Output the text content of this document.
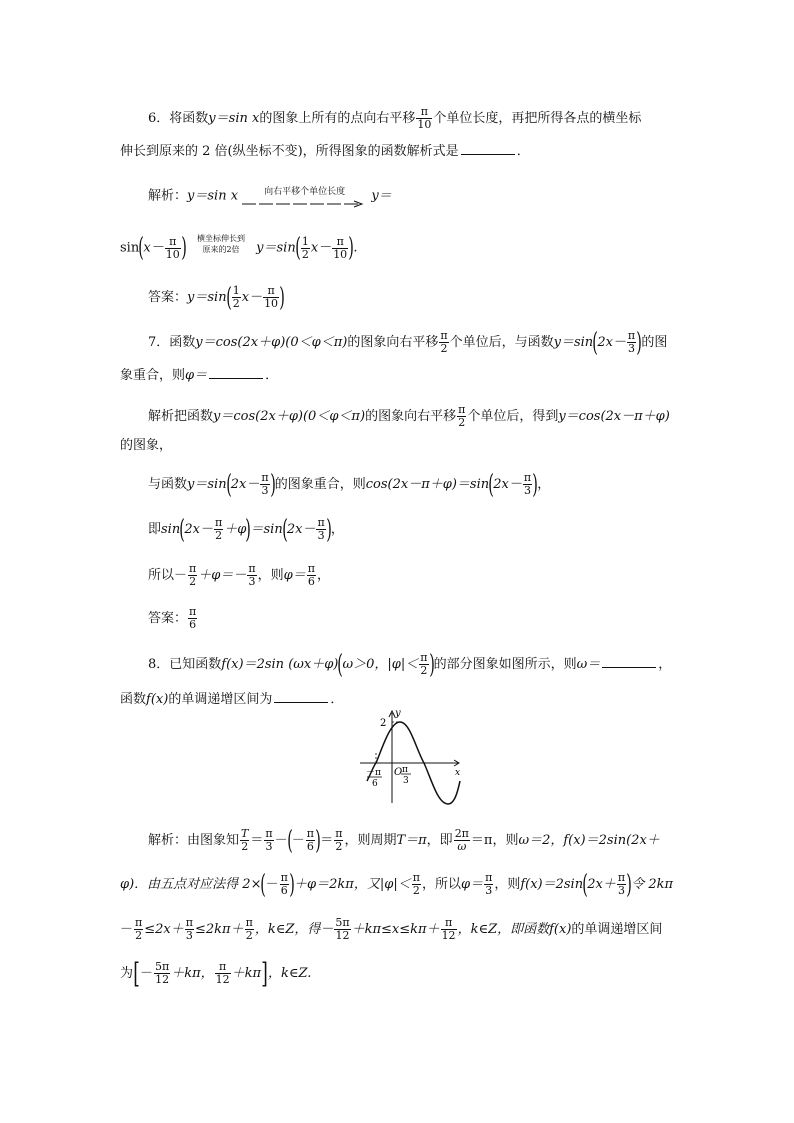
6．将函数y＝sin x的图象上所有的点向右平移 $\frac{\pi}{10}$ 个单位长度，再把所得各点的横坐标
伸长到原来的 2 倍(纵坐标不变)，所得图象的函数解析式是	．
解析：y＝sin x	向右平移个单位长度	y＝
$\sin(x- \frac{\pi}{10}$ )	横坐标伸长到
原来的2倍	$y=\sin( \frac{1}{2} x- \frac{\pi}{10}$ ).
答案：$y=\sin( \frac{1}{2} x- \frac{\pi}{10}$ )
7．函数y＝cos(2x＋φ)(0＜φ＜π)的图象向右平移 $\frac{\pi}{2}$ 个单位后，与函数$y=\sin(2x- \frac{\pi}{3}$ )的图
象重合，则φ＝	．
解析把函数y＝cos(2x＋φ)(0＜φ＜π)的图象向右平移 $\frac{\pi}{2}$ 个单位后，得到y＝cos(2x－π＋φ)
的图象，
与函数$y=\sin(2x- \frac{\pi}{3}$ )的图象重合，则$\cos(2x-\pi+\varphi)=\sin(2x- \frac{\pi}{3}$ )，
即$\sin(2x- \frac{\pi}{2} +\varphi)=\sin(2x- \frac{\pi}{3}$ )，
所以－ $\frac{\pi}{2} +\varphi=- \frac{\pi}{3}$ ，则$\varphi= \frac{\pi}{6}$ ，
答案： $\frac{\pi}{6}$
8．已知函数f(x)＝2sin (ωx＋φ)(ω＞0，$|\varphi|< \frac{\pi}{2}$ )的部分图象如图所示，则ω＝	，
函数f(x)的单调递增区间为	．
2
y
x
O
－π
6
π
3
解析：由图象知 $\frac{T}{2} = \frac{\pi}{3}$ －(－ $\frac{\pi}{6}$ )＝ $\frac{\pi}{2}$ ，则周期T＝π，即 $\frac{2\pi}{\omega} =\pi$，则ω＝2，f(x)＝2sin(2x＋
φ)．由五点对应法得 $2\times(- \frac{\pi}{6} )+\varphi=2k\pi$，又$|\varphi|< \frac{\pi}{2}$ ，所以$\varphi= \frac{\pi}{3}$ ，则$f(x)=2\sin(2x+ \frac{\pi}{3}$ )令 2kπ
－ $\frac{\pi}{2} \le 2x+ \frac{\pi}{3} \le 2k\pi+ \frac{\pi}{2}$ ，k∈Z，得－ $\frac{5\pi}{12} +k\pi\le x\le k\pi+ \frac{\pi}{12}$ ，k∈Z，即函数f(x)的单调递增区间
为[－ $\frac{5\pi}{12} +k\pi$， $\frac{\pi}{12} +k\pi$]，k∈Z.
